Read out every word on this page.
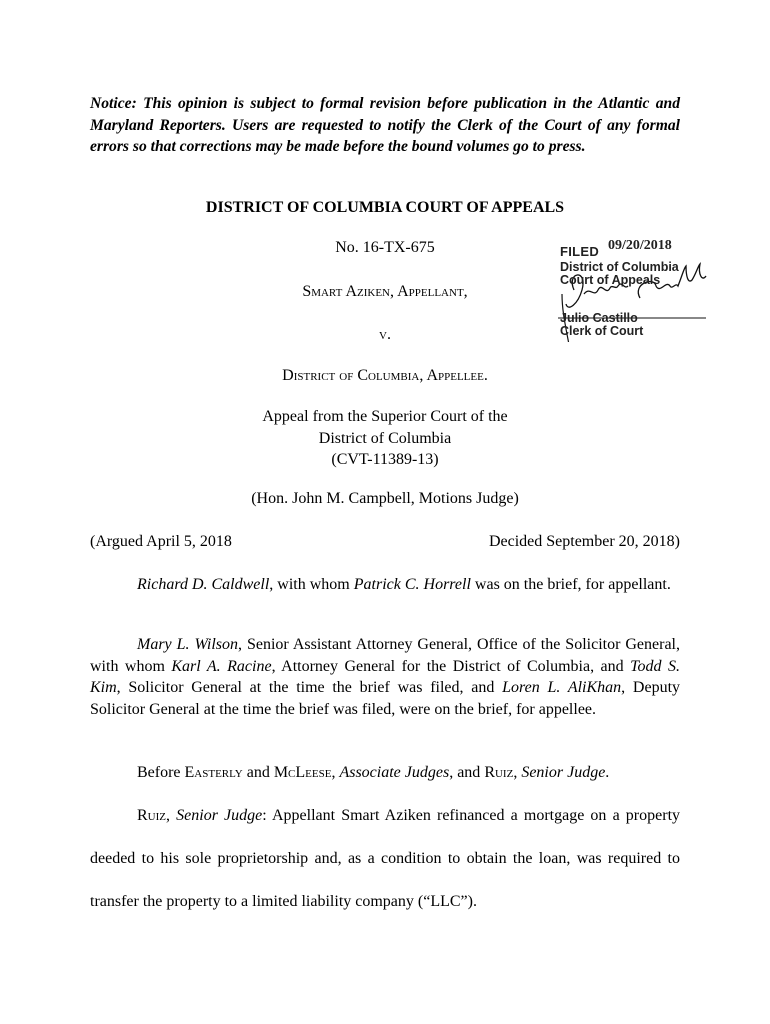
Notice: This opinion is subject to formal revision before publication in the Atlantic and Maryland Reporters. Users are requested to notify the Clerk of the Court of any formal errors so that corrections may be made before the bound volumes go to press.

DISTRICT OF COLUMBIA COURT OF APPEALS

No. 16-TX-675

Smart Aziken, Appellant,

v.

District of Columbia, Appellee.

FILED 09/20/2018
District of Columbia
Court of Appeals
Julio Castillo
Clerk of Court
Appeal from the Superior Court of the
District of Columbia
(CVT-11389-13)

(Hon. John M. Campbell, Motions Judge)

(Argued April 5, 2018	Decided September 20, 2018)

Richard D. Caldwell, with whom Patrick C. Horrell was on the brief, for appellant.

Mary L. Wilson, Senior Assistant Attorney General, Office of the Solicitor General, with whom Karl A. Racine, Attorney General for the District of Columbia, and Todd S. Kim, Solicitor General at the time the brief was filed, and Loren L. AliKhan, Deputy Solicitor General at the time the brief was filed, were on the brief, for appellee.

Before Easterly and McLeese, Associate Judges, and Ruiz, Senior Judge.

Ruiz, Senior Judge: Appellant Smart Aziken refinanced a mortgage on a property deeded to his sole proprietorship and, as a condition to obtain the loan, was required to transfer the property to a limited liability company (“LLC”).
